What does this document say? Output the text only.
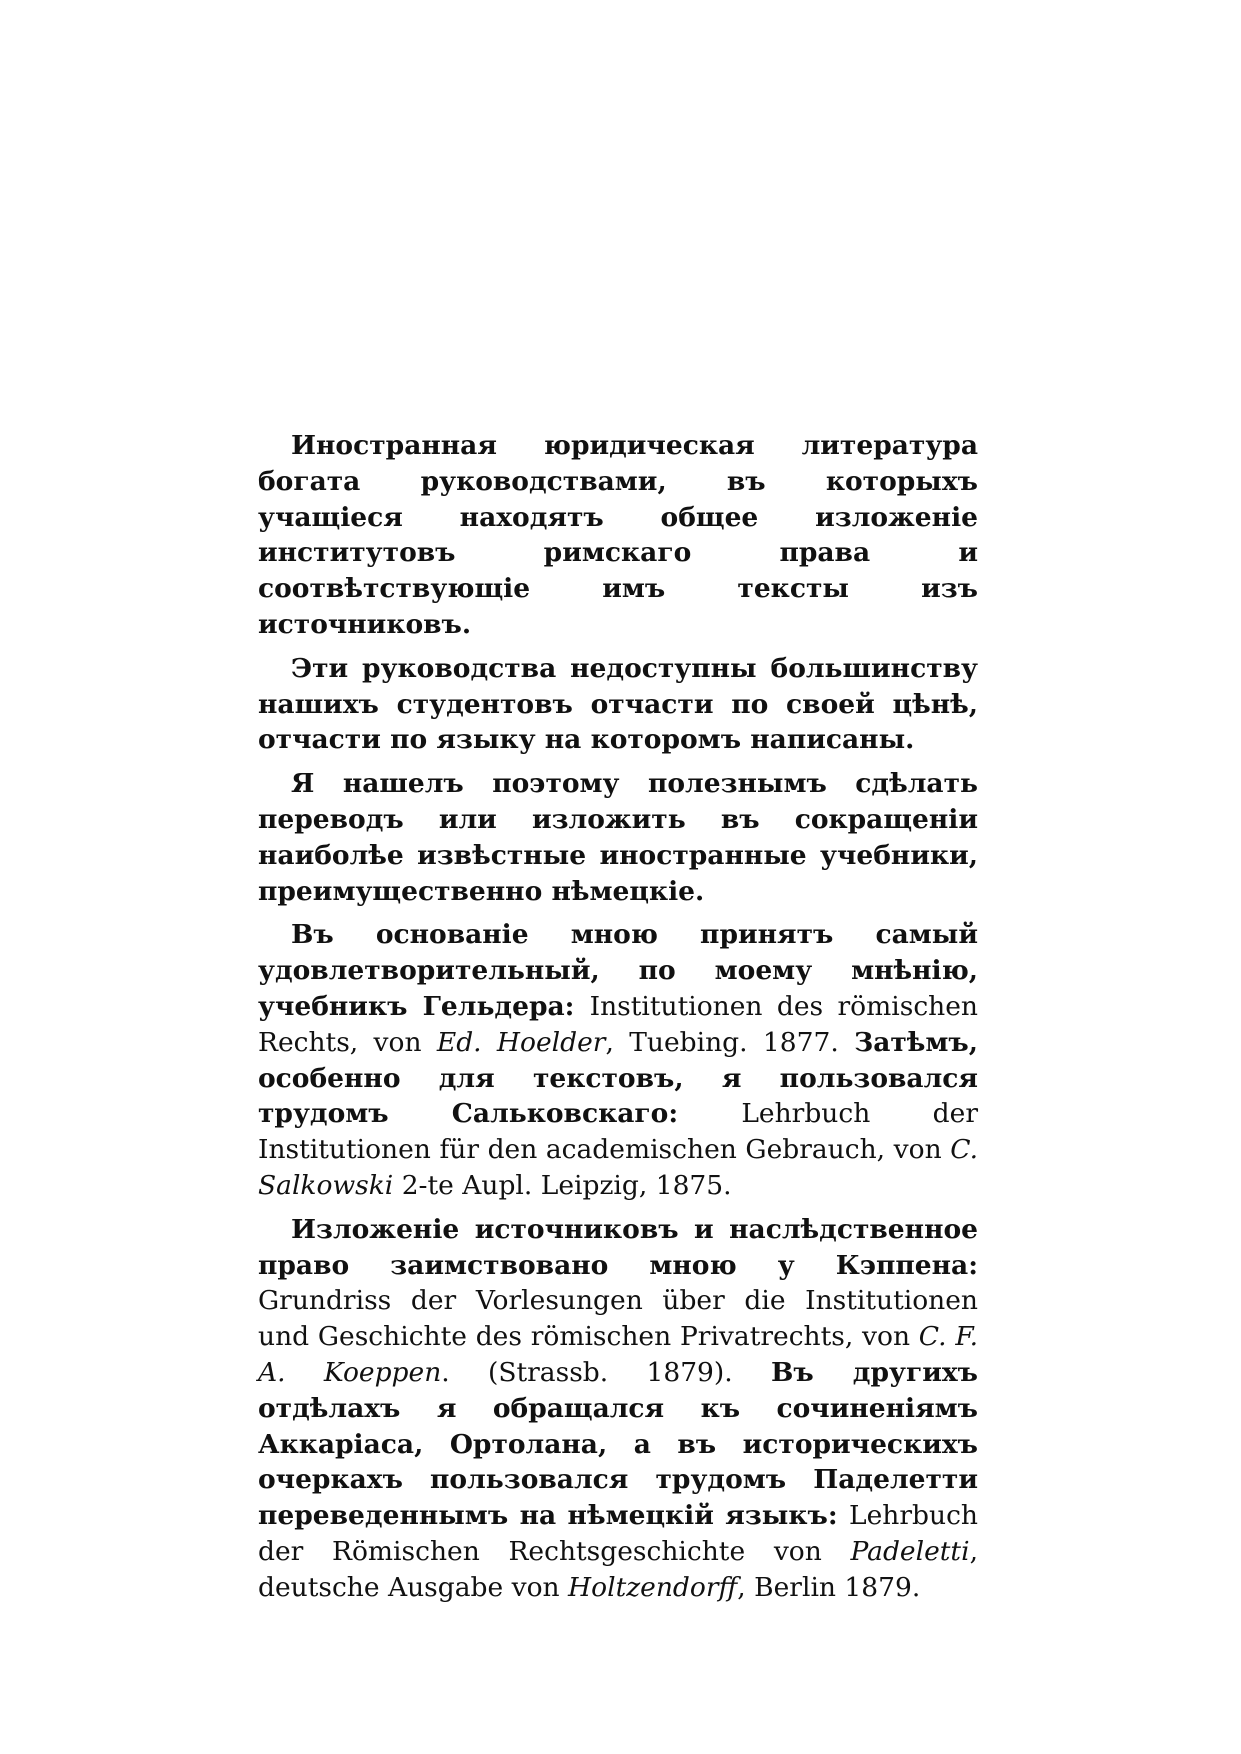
Иностранная юридическая литература богата руководствами, въ которыхъ учащіеся находятъ общее изложеніе институтовъ римскаго права и соотвѣтствующіе имъ тексты изъ источниковъ.

Эти руководства недоступны большинству нашихъ студентовъ отчасти по своей цѣнѣ, отчасти по языку на которомъ написаны.

Я нашелъ поэтому полезнымъ сдѣлать переводъ или изложить въ сокращеніи наиболѣе извѣстные иностранные учебники, преимущественно нѣмецкіе.

Въ основаніе мною принятъ самый удовлетворительный, по моему мнѣнію, учебникъ Гельдера: Institutionen des römischen Rechts, von Ed. Hoelder, Tuebing. 1877. Затѣмъ, особенно для текстовъ, я пользовался трудомъ Сальковскаго: Lehrbuch der Institutionen für den academischen Gebrauch, von C. Salkowski 2-te Aupl. Leipzig, 1875.

Изложеніе источниковъ и наслѣдственное право заимствовано мною у Кэппена: Grundriss der Vorlesungen über die Institutionen und Geschichte des römischen Privatrechts, von C. F. A. Koeppen. (Strassb. 1879). Въ другихъ отдѣлахъ я обращался къ сочиненіямъ Аккаріаса, Ортолана, а въ историческихъ очеркахъ пользовался трудомъ Паделетти переведеннымъ на нѣмецкій языкъ: Lehrbuch der Römischen Rechtsgeschichte von Padeletti, deutsche Ausgabe von Holtzendorff, Berlin 1879.
